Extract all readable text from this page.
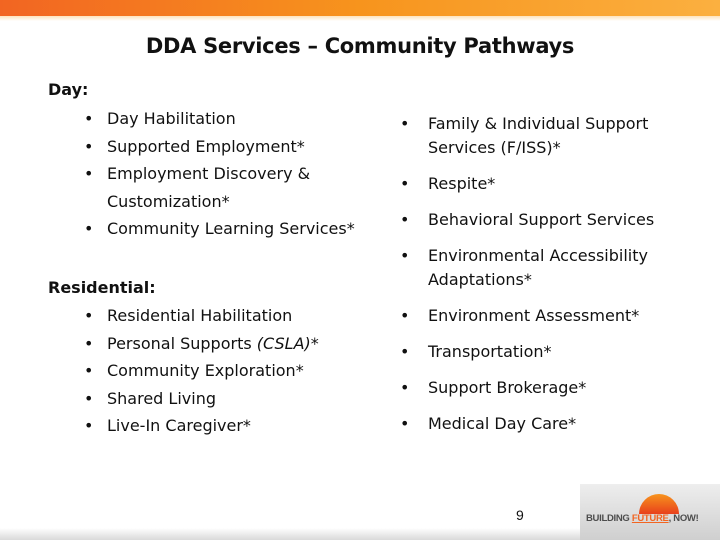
DDA Services – Community Pathways
Day:
• Day Habilitation
• Supported Employment*
• Employment Discovery & Customization*
• Community Learning Services*
Residential:
• Residential Habilitation
• Personal Supports (CSLA)*
• Community Exploration*
• Shared Living
• Live-In Caregiver*
• Family & Individual Support Services (F/ISS)*
• Respite*
• Behavioral Support Services
• Environmental Accessibility Adaptations*
• Environment Assessment*
• Transportation*
• Support Brokerage*
• Medical Day Care*
9	BUILDING FUTURE, NOW!
